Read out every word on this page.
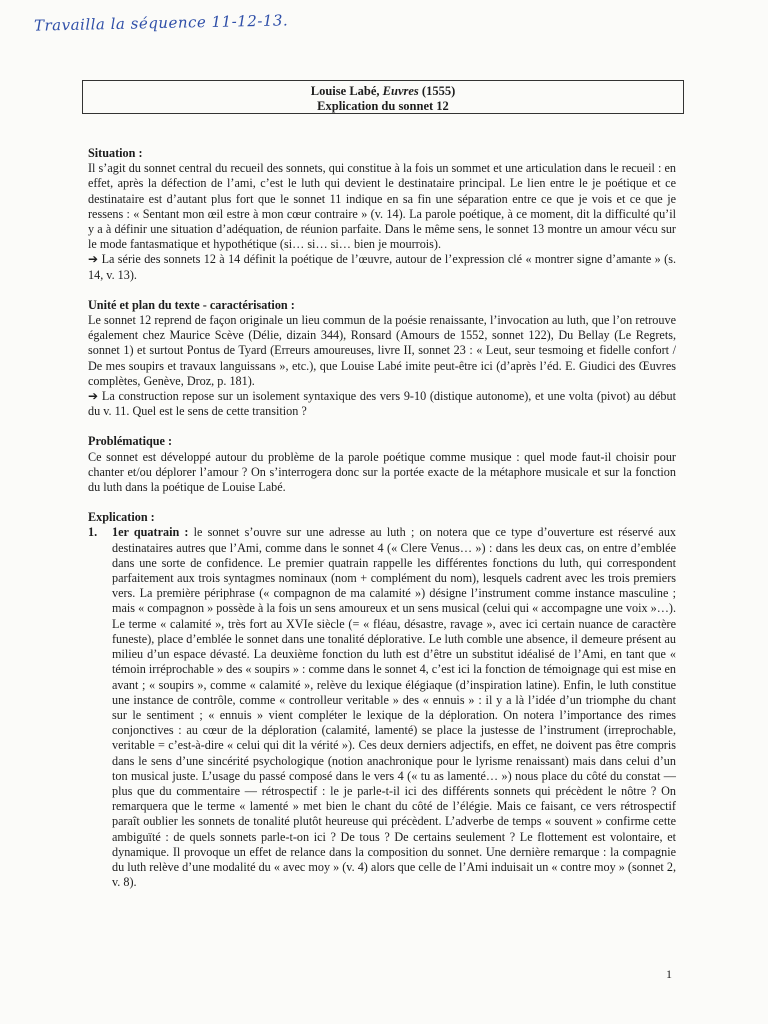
Travailla la séquence 11-12-13.
Louise Labé, Euvres (1555)
Explication du sonnet 12

Situation :

Il s’agit du sonnet central du recueil des sonnets, qui constitue à la fois un sommet et une articulation dans le recueil : en effet, après la défection de l’ami, c’est le luth qui devient le destinataire principal. Le lien entre le je poétique et ce destinataire est d’autant plus fort que le sonnet 11 indique en sa fin une séparation entre ce que je vois et ce que je ressens : « Sentant mon œil estre à mon cœur contraire » (v. 14). La parole poétique, à ce moment, dit la difficulté qu’il y a à définir une situation d’adéquation, de réunion parfaite. Dans le même sens, le sonnet 13 montre un amour vécu sur le mode fantasmatique et hypothétique (si… si… si… bien je mourrois).

➔ La série des sonnets 12 à 14 définit la poétique de l’œuvre, autour de l’expression clé « montrer signe d’amante » (s. 14, v. 13).

Unité et plan du texte - caractérisation :

Le sonnet 12 reprend de façon originale un lieu commun de la poésie renaissante, l’invocation au luth, que l’on retrouve également chez Maurice Scève (Délie, dizain 344), Ronsard (Amours de 1552, sonnet 122), Du Bellay (Le Regrets, sonnet 1) et surtout Pontus de Tyard (Erreurs amoureuses, livre II, sonnet 23 : « Leut, seur tesmoing et fidelle confort / De mes soupirs et travaux languissans », etc.), que Louise Labé imite peut-être ici (d’après l’éd. E. Giudici des Œuvres complètes, Genève, Droz, p. 181).

➔ La construction repose sur un isolement syntaxique des vers 9-10 (distique autonome), et une volta (pivot) au début du v. 11. Quel est le sens de cette transition ?

Problématique :

Ce sonnet est développé autour du problème de la parole poétique comme musique : quel mode faut-il choisir pour chanter et/ou déplorer l’amour ? On s’interrogera donc sur la portée exacte de la métaphore musicale et sur la fonction du luth dans la poétique de Louise Labé.

Explication :

1. 1er quatrain : le sonnet s’ouvre sur une adresse au luth ; on notera que ce type d’ouverture est réservé aux destinataires autres que l’Ami, comme dans le sonnet 4 (« Clere Venus… ») : dans les deux cas, on entre d’emblée dans une sorte de confidence. Le premier quatrain rappelle les différentes fonctions du luth, qui correspondent parfaitement aux trois syntagmes nominaux (nom + complément du nom), lesquels cadrent avec les trois premiers vers. La première périphrase (« compagnon de ma calamité ») désigne l’instrument comme instance masculine ; mais « compagnon » possède à la fois un sens amoureux et un sens musical (celui qui « accompagne une voix »…). Le terme « calamité », très fort au XVIe siècle (= « fléau, désastre, ravage », avec ici certain nuance de caractère funeste), place d’emblée le sonnet dans une tonalité déplorative. Le luth comble une absence, il demeure présent au milieu d’un espace dévasté. La deuxième fonction du luth est d’être un substitut idéalisé de l’Ami, en tant que « témoin irréprochable » des « soupirs » : comme dans le sonnet 4, c’est ici la fonction de témoignage qui est mise en avant ; « soupirs », comme « calamité », relève du lexique élégiaque (d’inspiration latine). Enfin, le luth constitue une instance de contrôle, comme « controlleur veritable » des « ennuis » : il y a là l’idée d’un triomphe du chant sur le sentiment ; « ennuis » vient compléter le lexique de la déploration. On notera l’importance des rimes conjonctives : au cœur de la déploration (calamité, lamenté) se place la justesse de l’instrument (irreprochable, veritable = c’est-à-dire « celui qui dit la vérité »). Ces deux derniers adjectifs, en effet, ne doivent pas être compris dans le sens d’une sincérité psychologique (notion anachronique pour le lyrisme renaissant) mais dans celui d’un ton musical juste. L’usage du passé composé dans le vers 4 (« tu as lamenté… ») nous place du côté du constat — plus que du commentaire — rétrospectif : le je parle-t-il ici des différents sonnets qui précèdent le nôtre ? On remarquera que le terme « lamenté » met bien le chant du côté de l’élégie. Mais ce faisant, ce vers rétrospectif paraît oublier les sonnets de tonalité plutôt heureuse qui précèdent. L’adverbe de temps « souvent » confirme cette ambiguïté : de quels sonnets parle-t-on ici ? De tous ? De certains seulement ? Le flottement est volontaire, et dynamique. Il provoque un effet de relance dans la composition du sonnet. Une dernière remarque : la compagnie du luth relève d’une modalité du « avec moy » (v. 4) alors que celle de l’Ami induisait un « contre moy » (sonnet 2, v. 8).

1
